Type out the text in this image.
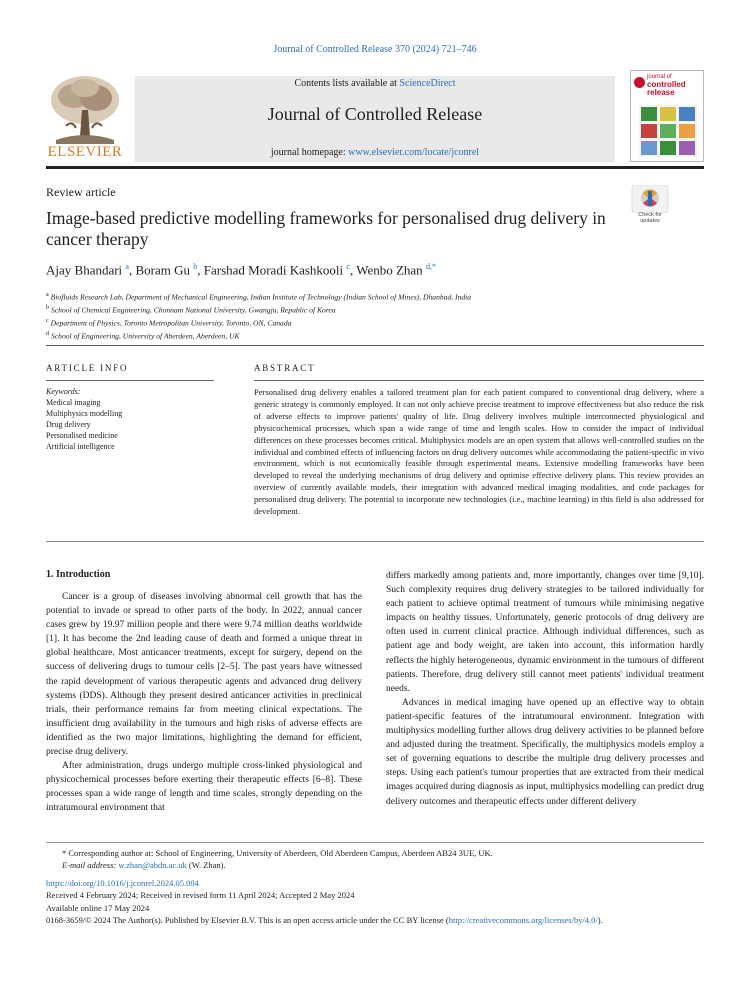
Journal of Controlled Release 370 (2024) 721–746
ELSEVIER
Contents lists available at ScienceDirect
Journal of Controlled Release
journal homepage: www.elsevier.com/locate/jconrel
journal of
controlled
release
Review article
Image-based predictive modelling frameworks for personalised drug delivery in cancer therapy
Check for updates
Ajay Bhandari $^a$, Boram Gu $^b$, Farshad Moradi Kashkooli $^c$, Wenbo Zhan $^{d,*}$
$^a$ Biofluids Research Lab, Department of Mechanical Engineering, Indian Institute of Technology (Indian School of Mines), Dhanbad, India
$^b$ School of Chemical Engineering, Chonnam National University, Gwangju, Republic of Korea
$^c$ Department of Physics, Toronto Metropolitan University, Toronto, ON, Canada
$^d$ School of Engineering, University of Aberdeen, Aberdeen, UK
ARTICLE INFO
Keywords:
Medical imaging
Multiphysics modelling
Drug delivery
Personalised medicine
Artificial intelligence
ABSTRACT
Personalised drug delivery enables a tailored treatment plan for each patient compared to conventional drug delivery, where a generic strategy is commonly employed. It can not only achieve precise treatment to improve effectiveness but also reduce the risk of adverse effects to improve patients' quality of life. Drug delivery involves multiple interconnected physiological and physicochemical processes, which span a wide range of time and length scales. How to consider the impact of individual differences on these processes becomes critical. Multiphysics models are an open system that allows well-controlled studies on the individual and combined effects of influencing factors on drug delivery outcomes while accommodating the patient-specific in vivo environment, which is not economically feasible through experimental means. Extensive modelling frameworks have been developed to reveal the underlying mechanisms of drug delivery and optimise effective delivery plans. This review provides an overview of currently available models, their integration with advanced medical imaging modalities, and code packages for personalised drug delivery. The potential to incorporate new technologies (i.e., machine learning) in this field is also addressed for development.
1. Introduction

Cancer is a group of diseases involving abnormal cell growth that has the potential to invade or spread to other parts of the body. In 2022, annual cancer cases grew by 19.97 million people and there were 9.74 million deaths worldwide [1]. It has become the 2nd leading cause of death and formed a unique threat in global healthcare. Most anticancer treatments, except for surgery, depend on the success of delivering drugs to tumour cells [2–5]. The past years have witnessed the rapid development of various therapeutic agents and advanced drug delivery systems (DDS). Although they present desired anticancer activities in preclinical trials, their performance remains far from meeting clinical expectations. The insufficient drug availability in the tumours and high risks of adverse effects are identified as the two major limitations, highlighting the demand for efficient, precise drug delivery.

After administration, drugs undergo multiple cross-linked physiological and physicochemical processes before exerting their therapeutic effects [6–8]. These processes span a wide range of length and time scales, strongly depending on the intratumoural environment that

differs markedly among patients and, more importantly, changes over time [9,10]. Such complexity requires drug delivery strategies to be tailored individually for each patient to achieve optimal treatment of tumours while minimising negative impacts on healthy tissues. Unfortunately, generic protocols of drug delivery are often used in current clinical practice. Although individual differences, such as patient age and body weight, are taken into account, this information hardly reflects the highly heterogeneous, dynamic environment in the tumours of different patients. Therefore, drug delivery still cannot meet patients' individual treatment needs.

Advances in medical imaging have opened up an effective way to obtain patient-specific features of the intratumoural environment. Integration with multiphysics modelling further allows drug delivery activities to be planned before and adjusted during the treatment. Specifically, the multiphysics models employ a set of governing equations to describe the multiple drug delivery processes and steps. Using each patient's tumour properties that are extracted from their medical images acquired during diagnosis as input, multiphysics modelling can predict drug delivery outcomes and therapeutic effects under different delivery

* Corresponding author at: School of Engineering, University of Aberdeen, Old Aberdeen Campus, Aberdeen AB24 3UE, UK.
E-mail address: w.zhan@abdn.ac.uk (W. Zhan).
https://doi.org/10.1016/j.jconrel.2024.05.004
Received 4 February 2024; Received in revised form 11 April 2024; Accepted 2 May 2024
Available online 17 May 2024
0168-3659/© 2024 The Author(s). Published by Elsevier B.V. This is an open access article under the CC BY license (http://creativecommons.org/licenses/by/4.0/).
